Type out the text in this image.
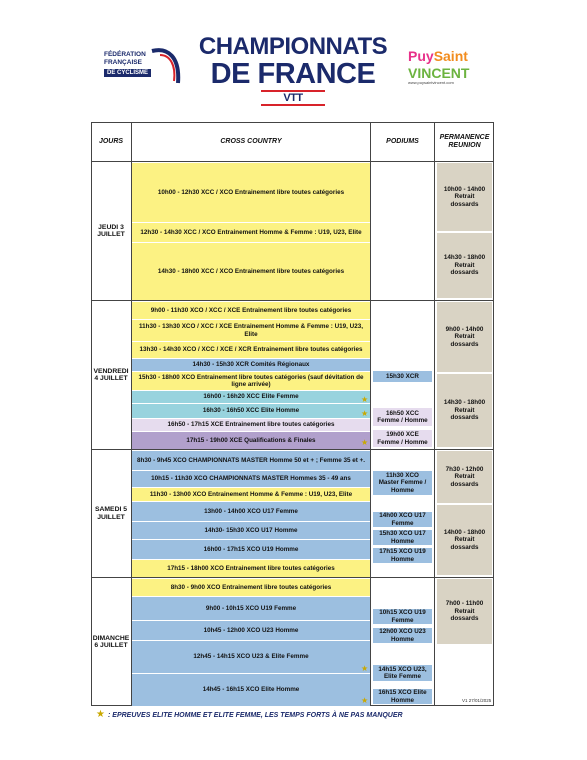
FÉDÉRATION
FRANÇAISE
DE CYCLISME
CHAMPIONNATS
DE FRANCE
VTT
PuySaint
VINCENT
www.puysaintvincent.com
JOURS	CROSS COUNTRY	PODIUMS
PERMANENCE REUNION
JEUDI 3 JUILLET
VENDREDI 4 JUILLET
SAMEDI 5 JUILLET
DIMANCHE 6 JUILLET
10h00 - 12h30 XCC / XCO Entrainement libre toutes catégories
12h30 - 14h30 XCC / XCO Entrainement Homme & Femme : U19, U23, Elite
14h30 - 18h00 XCC / XCO Entrainement libre toutes catégories
9h00 - 11h30 XCO / XCC / XCE Entrainement libre toutes catégories
11h30 - 13h30 XCO / XCC / XCE Entrainement Homme & Femme : U19, U23, Elite
13h30 - 14h30 XCO / XCC / XCE / XCR Entrainement libre toutes catégories
14h30 - 15h30 XCR Comités Régionaux
15h30 - 18h00 XCO Entrainement libre toutes catégories (sauf dévitation de ligne arrivée)
16h00 - 16h20 XCC Elite Femme
16h30 - 16h50 XCC Elite Homme
16h50 - 17h15 XCE Entrainement libre toutes catégories
17h15 - 19h00 XCE Qualifications & Finales
8h30 - 9h45 XCO CHAMPIONNATS MASTER Homme 50 et + ; Femme 35 et +.
10h15 - 11h30 XCO CHAMPIONNATS MASTER Hommes 35 - 49 ans
11h30 - 13h00 XCO Entrainement Homme & Femme : U19, U23, Elite
13h00 - 14h00 XCO U17 Femme
14h30- 15h30 XCO U17 Homme
16h00 - 17h15 XCO U19 Homme
17h15 - 18h00 XCO Entrainement libre toutes catégories
8h30 - 9h00 XCO Entrainement libre toutes catégories
9h00 - 10h15 XCO U19 Femme
10h45 - 12h00 XCO U23 Homme
12h45 - 14h15 XCO U23 & Elite Femme
14h45 - 16h15 XCO Elite Homme
★
★
★
★
★
15h30 XCR
16h50 XCC Femme / Homme
19h00 XCE Femme / Homme
11h30 XCO Master Femme / Homme
14h00 XCO U17 Femme
15h30 XCO U17 Homme
17h15 XCO U19 Homme
10h15 XCO U19 Femme
12h00 XCO U23 Homme
14h15 XCO U23, Elite Femme
16h15 XCO Elite Homme
10h00 - 14h00 Retrait dossards
14h30 - 18h00 Retrait dossards
9h00 - 14h00 Retrait dossards
14h30 - 18h00 Retrait dossards
7h30 - 12h00 Retrait dossards
14h00 - 18h00 Retrait dossards
7h00 - 11h00 Retrait dossards
V1 27/01/2025
★ : EPREUVES ELITE HOMME ET ELITE FEMME, LES TEMPS FORTS À NE PAS MANQUER
